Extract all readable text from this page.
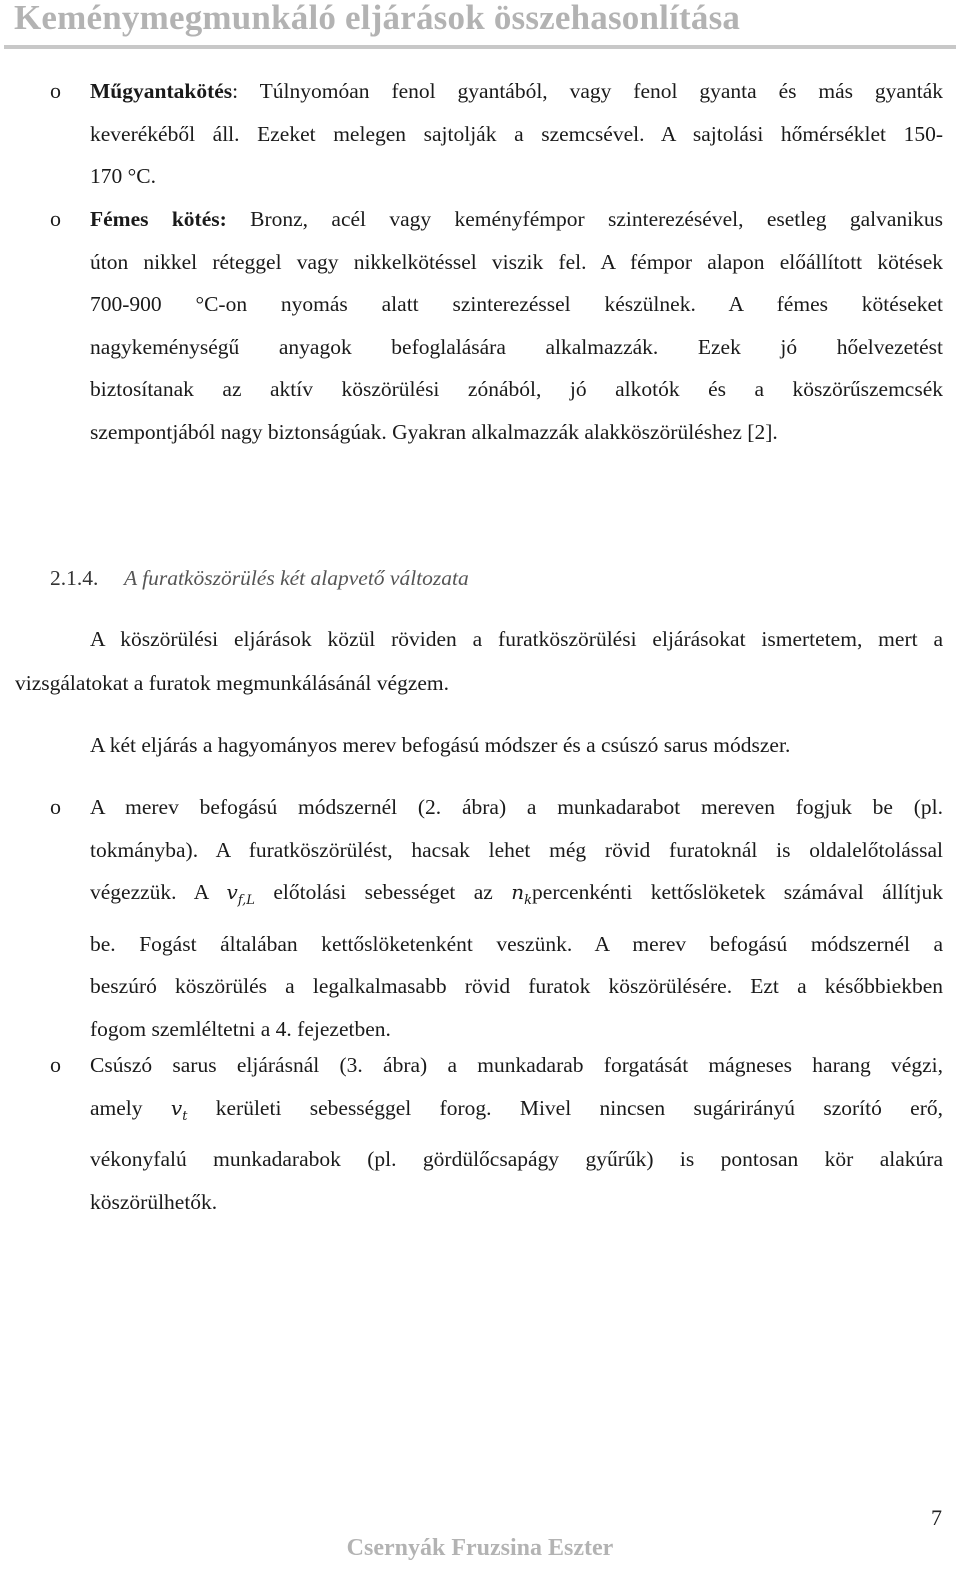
Keménymegmunkáló eljárások összehasonlítása
o Műgyantakötés: Túlnyomóan fenol gyantából, vagy fenol gyanta és más gyanták

keverékéből áll. Ezeket melegen sajtolják a szemcsével. A sajtolási hőmérséklet 150-

170 °C.

o Fémes kötés: Bronz, acél vagy keményfémpor szinterezésével, esetleg galvanikus

úton nikkel réteggel vagy nikkelkötéssel viszik fel. A fémpor alapon előállított kötések

700-900 °C-on nyomás alatt szinterezéssel készülnek. A fémes kötéseket

nagykeménységű anyagok befoglalására alkalmazzák. Ezek jó hőelvezetést

biztosítanak az aktív köszörülési zónából, jó alkotók és a köszörűszemcsék

szempontjából nagy biztonságúak. Gyakran alkalmazzák alakköszörüléshez [2].

2.1.4. A furatköszörülés két alapvető változata
A köszörülési eljárások közül röviden a furatköszörülési eljárásokat ismertetem, mert a
vizsgálatokat a furatok megmunkálásánál végzem.
A két eljárás a hagyományos merev befogású módszer és a csúszó sarus módszer.
o A merev befogású módszernél (2. ábra) a munkadarabot mereven fogjuk be (pl.

tokmányba). A furatköszörülést, hacsak lehet még rövid furatoknál is oldalelőtolással

végezzük. A $v_{f,L}$ előtolási sebességet az $n_kpercenkénti$ kettőslöketek számával állítjuk

be. Fogást általában kettőslöketenként veszünk. A merev befogású módszernél a

beszúró köszörülés a legalkalmasabb rövid furatok köszörülésére. Ezt a későbbiekben

fogom szemléltetni a 4. fejezetben.

o Csúszó sarus eljárásnál (3. ábra) a munkadarab forgatását mágneses harang végzi,

amely $v_t$ kerületi sebességgel forog. Mivel nincsen sugárirányú szorító erő,

vékonyfalú munkadarabok (pl. gördülőcsapágy gyűrűk) is pontosan kör alakúra

köszörülhetők.

7
Csernyák Fruzsina Eszter
